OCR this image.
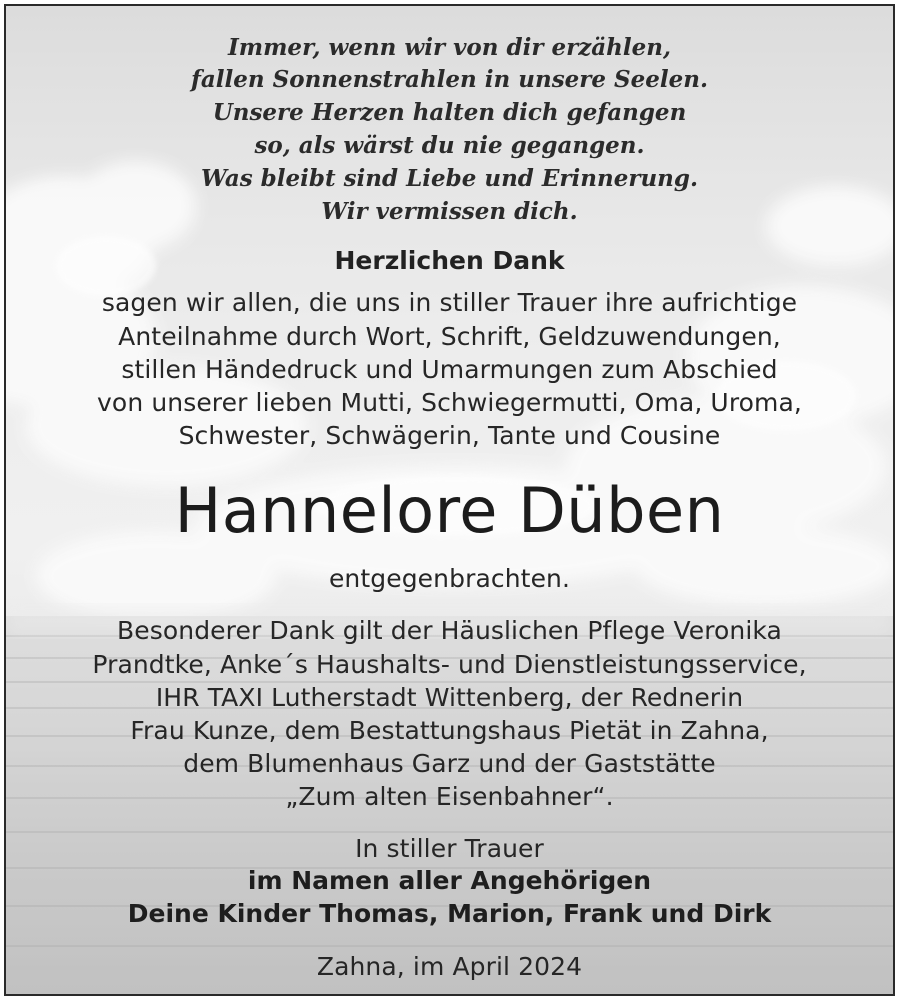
Immer, wenn wir von dir erzählen,
fallen Sonnenstrahlen in unsere Seelen.
Unsere Herzen halten dich gefangen
so, als wärst du nie gegangen.
Was bleibt sind Liebe und Erinnerung.
Wir vermissen dich.
Herzlichen Dank
sagen wir allen, die uns in stiller Trauer ihre aufrichtige
Anteilnahme durch Wort, Schrift, Geldzuwendungen,
stillen Händedruck und Umarmungen zum Abschied
von unserer lieben Mutti, Schwiegermutti, Oma, Uroma,
Schwester, Schwägerin, Tante und Cousine
Hannelore Düben
entgegenbrachten.
Besonderer Dank gilt der Häuslichen Pflege Veronika
Prandtke, Anke´s Haushalts- und Dienstleistungsservice,
IHR TAXI Lutherstadt Wittenberg, der Rednerin
Frau Kunze, dem Bestattungshaus Pietät in Zahna,
dem Blumenhaus Garz und der Gaststätte
„Zum alten Eisenbahner“.
In stiller Trauer
im Namen aller Angehörigen
Deine Kinder Thomas, Marion, Frank und Dirk
Zahna, im April 2024
